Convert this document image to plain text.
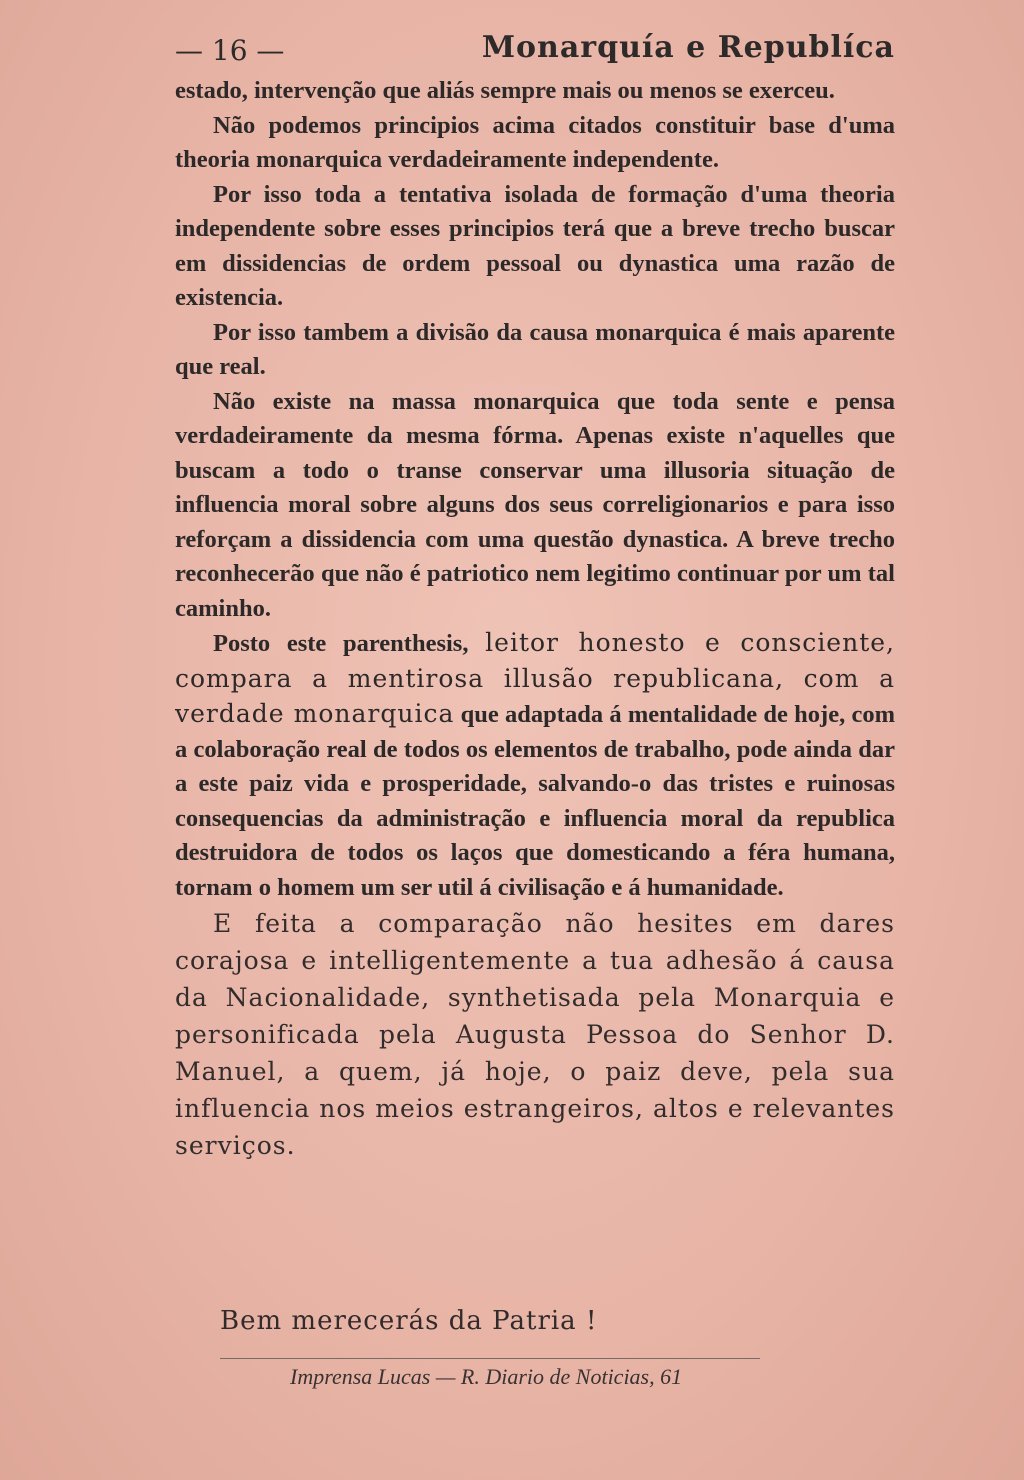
— 16 —	Monarquía e Republíca

estado, intervenção que aliás sempre mais ou menos se exerceu.

Não podemos principios acima citados constituir base d'uma theoria monarquica verdadeiramente independente.

Por isso toda a tentativa isolada de formação d'uma theoria independente sobre esses principios terá que a breve trecho buscar em dissidencias de ordem pessoal ou dynastica uma razão de existencia.

Por isso tambem a divisão da causa monarquica é mais aparente que real.

Não existe na massa monarquica que toda sente e pensa verdadeiramente da mesma fórma. Apenas existe n'aquelles que buscam a todo o transe conservar uma illusoria situação de influencia moral sobre alguns dos seus correligionarios e para isso reforçam a dissidencia com uma questão dynastica. A breve trecho reconhecerão que não é patriotico nem legitimo continuar por um tal caminho.

Posto este parenthesis, leitor honesto e consciente, compara a mentirosa illusão republicana, com a verdade monarquica que adaptada á mentalidade de hoje, com a colaboração real de todos os elementos de trabalho, pode ainda dar a este paiz vida e prosperidade, salvando-o das tristes e ruinosas consequencias da administração e influencia moral da republica destruidora de todos os laços que domesticando a féra humana, tornam o homem um ser util á civilisação e á humanidade.

E feita a comparação não hesites em dares corajosa e intelligentemente a tua adhesão á causa da Nacionalidade, synthetisada pela Monarquia e personificada pela Augusta Pessoa do Senhor D. Manuel, a quem, já hoje, o paiz deve, pela sua influencia nos meios estrangeiros, altos e relevantes serviços.

Bem merecerás da Patria !

Imprensa Lucas — R. Diario de Noticias, 61
